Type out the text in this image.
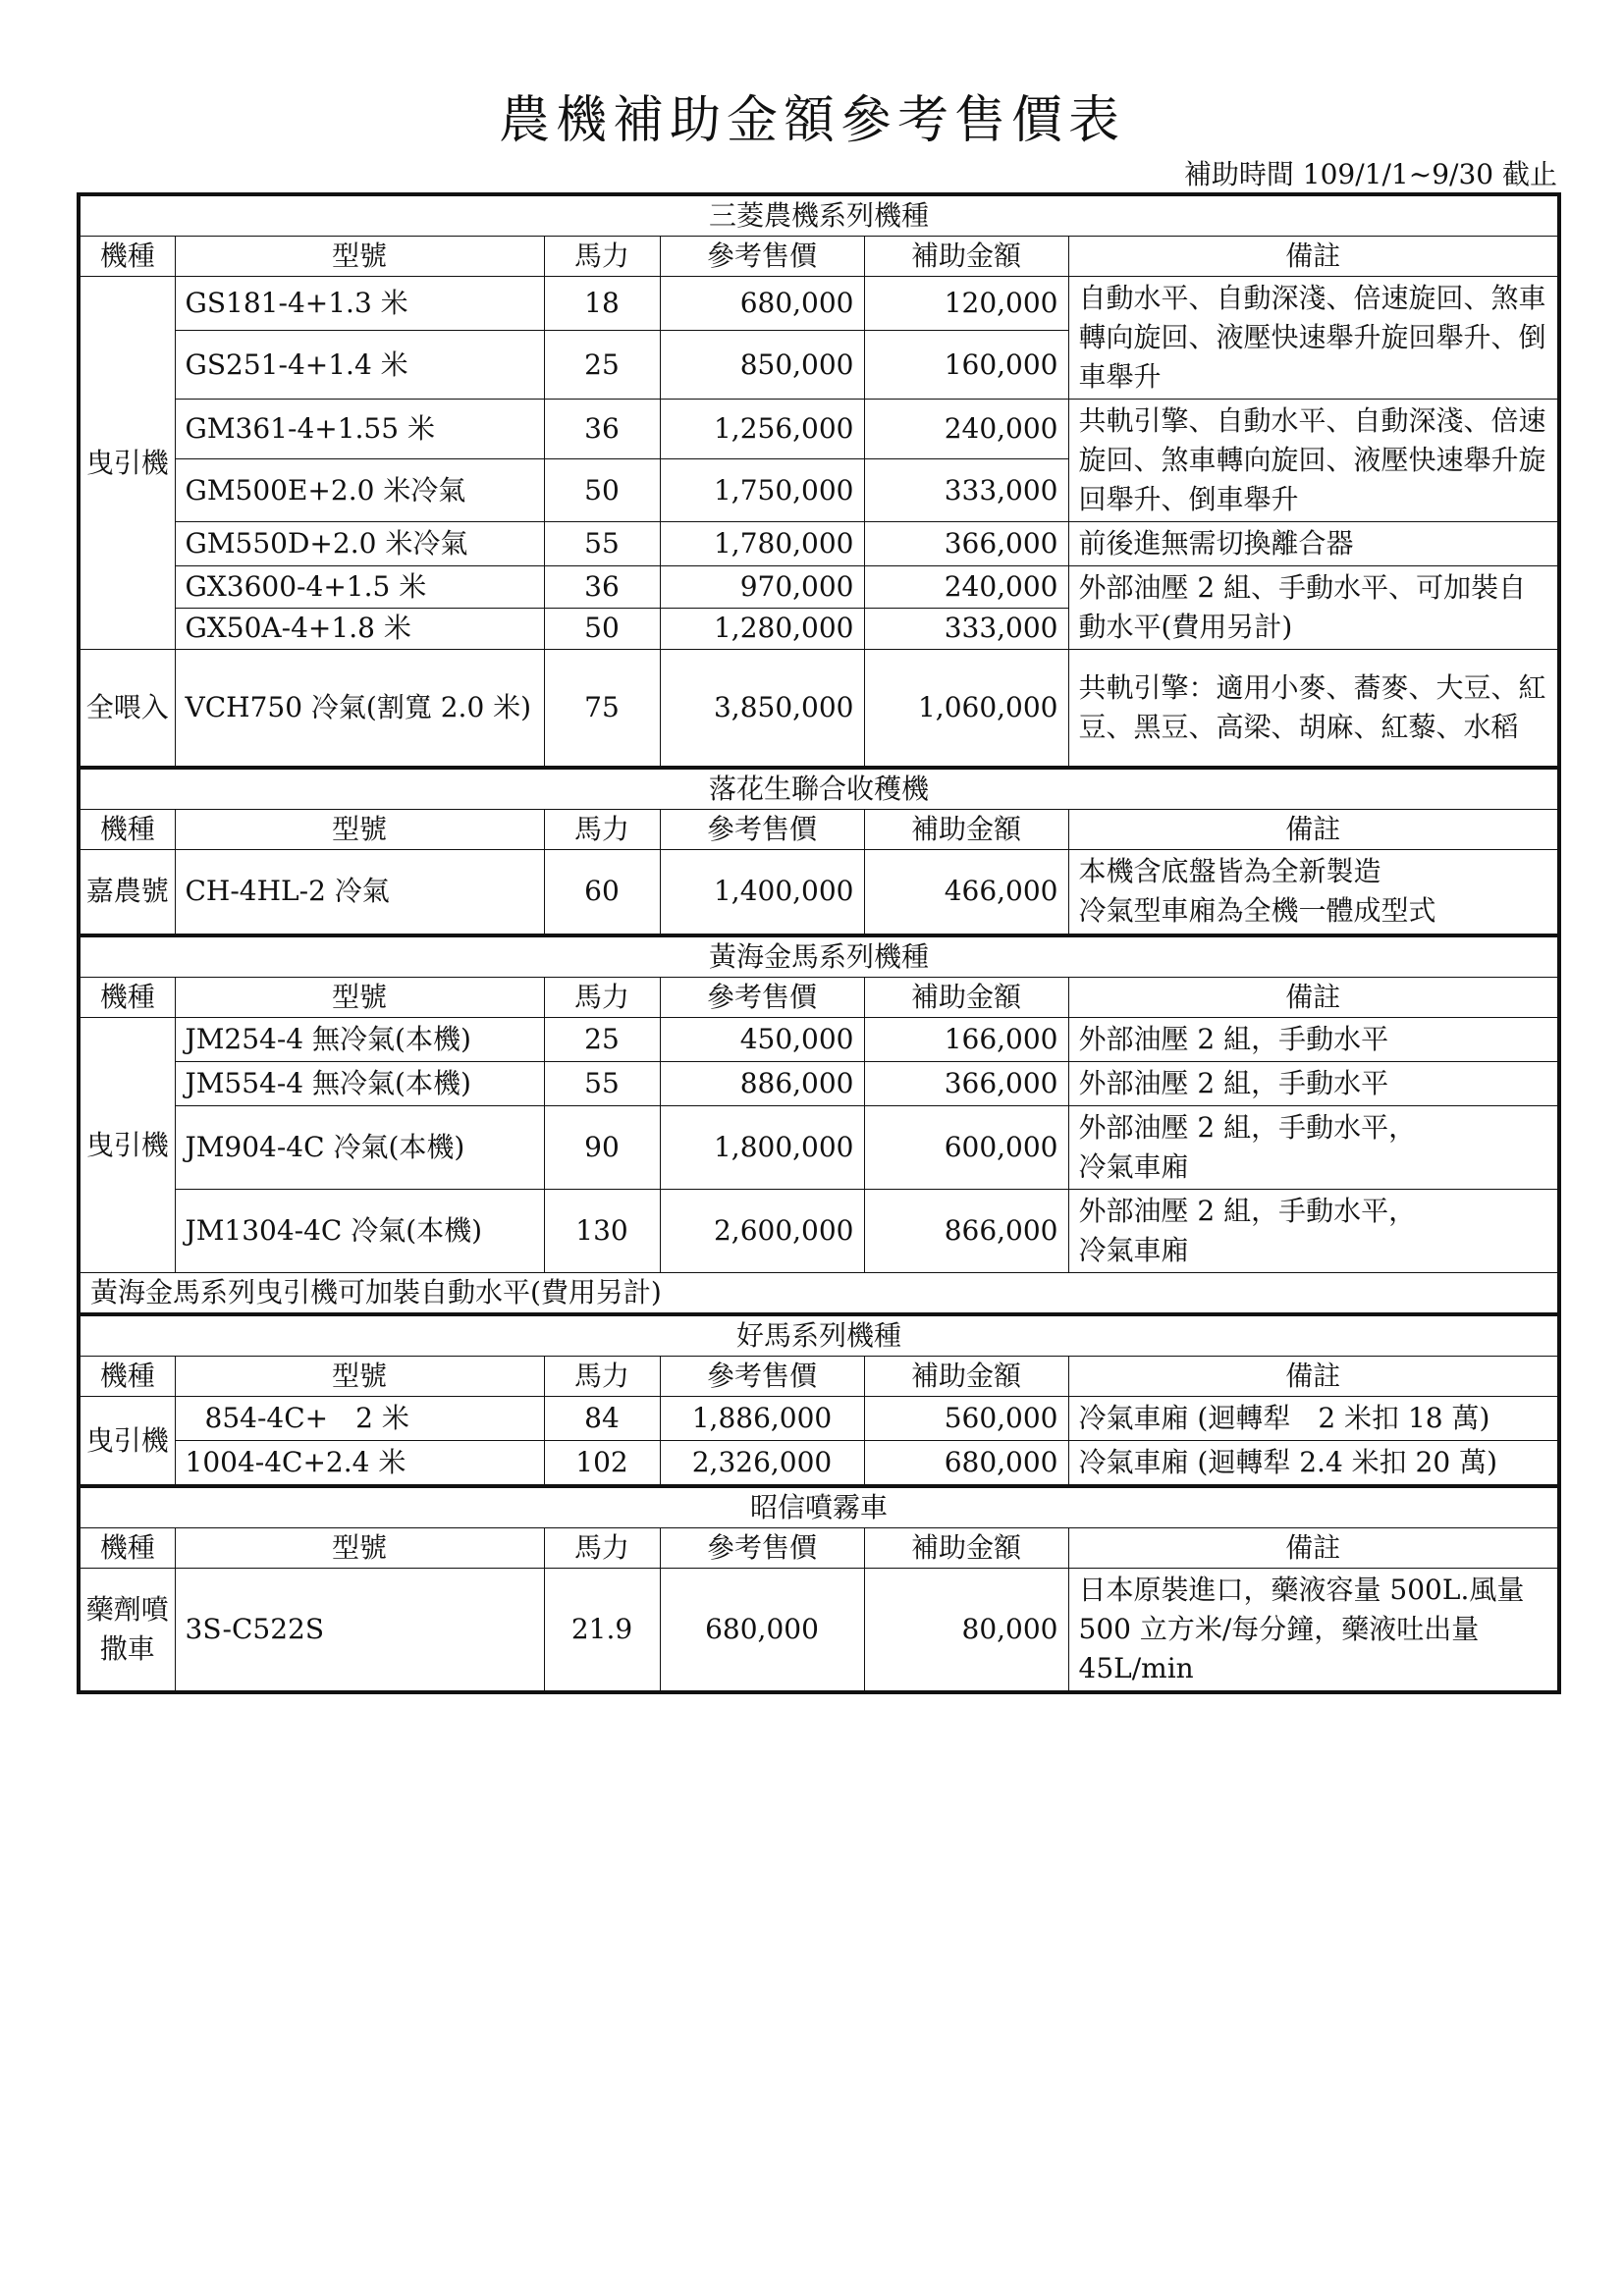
農機補助金額參考售價表
補助時間 109/1/1~9/30 截止
三菱農機系列機種					
機種	型號	馬力	參考售價	補助金額	備註
曳引機	GS181-4+1.3 米	18	680,000	120,000	自動水平、自動深淺、倍速旋回、煞車轉向旋回、液壓快速舉升旋回舉升、倒車舉升
	GS251-4+1.4 米	25	850,000	160,000	
	GM361-4+1.55 米	36	1,256,000	240,000	共軌引擎、自動水平、自動深淺、倍速旋回、煞車轉向旋回、液壓快速舉升旋回舉升、倒車舉升
	GM500E+2.0 米冷氣	50	1,750,000	333,000	
	GM550D+2.0 米冷氣	55	1,780,000	366,000	前後進無需切換離合器
	GX3600-4+1.5 米	36	970,000	240,000	外部油壓 2 組、手動水平、可加裝自動水平(費用另計)
	GX50A-4+1.8 米	50	1,280,000	333,000	
全喂入	VCH750 冷氣(割寬 2.0 米)	75	3,850,000	1,060,000	共軌引擎：適用小麥、蕎麥、大豆、紅豆、黑豆、高梁、胡麻、紅藜、水稻
落花生聯合收穫機					
機種	型號	馬力	參考售價	補助金額	備註
嘉農號	CH-4HL-2 冷氣	60	1,400,000	466,000	本機含底盤皆為全新製造
冷氣型車廂為全機一體成型式
黃海金馬系列機種					
機種	型號	馬力	參考售價	補助金額	備註
曳引機	JM254-4 無冷氣(本機)	25	450,000	166,000	外部油壓 2 組，手動水平
	JM554-4 無冷氣(本機)	55	886,000	366,000	外部油壓 2 組，手動水平
	JM904-4C 冷氣(本機)	90	1,800,000	600,000	外部油壓 2 組，手動水平，
冷氣車廂
	JM1304-4C 冷氣(本機)	130	2,600,000	866,000	外部油壓 2 組，手動水平，
冷氣車廂
黃海金馬系列曳引機可加裝自動水平(費用另計)					
好馬系列機種					
機種	型號	馬力	參考售價	補助金額	備註
曳引機	854-4C+　2 米	84	1,886,000	560,000	冷氣車廂 (迴轉犁　2 米扣 18 萬)
	1004-4C+2.4 米	102	2,326,000	680,000	冷氣車廂 (迴轉犁 2.4 米扣 20 萬)
昭信噴霧車					
機種	型號	馬力	參考售價	補助金額	備註
藥劑噴撒車	3S-C522S	21.9	680,000	80,000	日本原裝進口，藥液容量 500L.風量 500 立方米/每分鐘，藥液吐出量 45L/min
